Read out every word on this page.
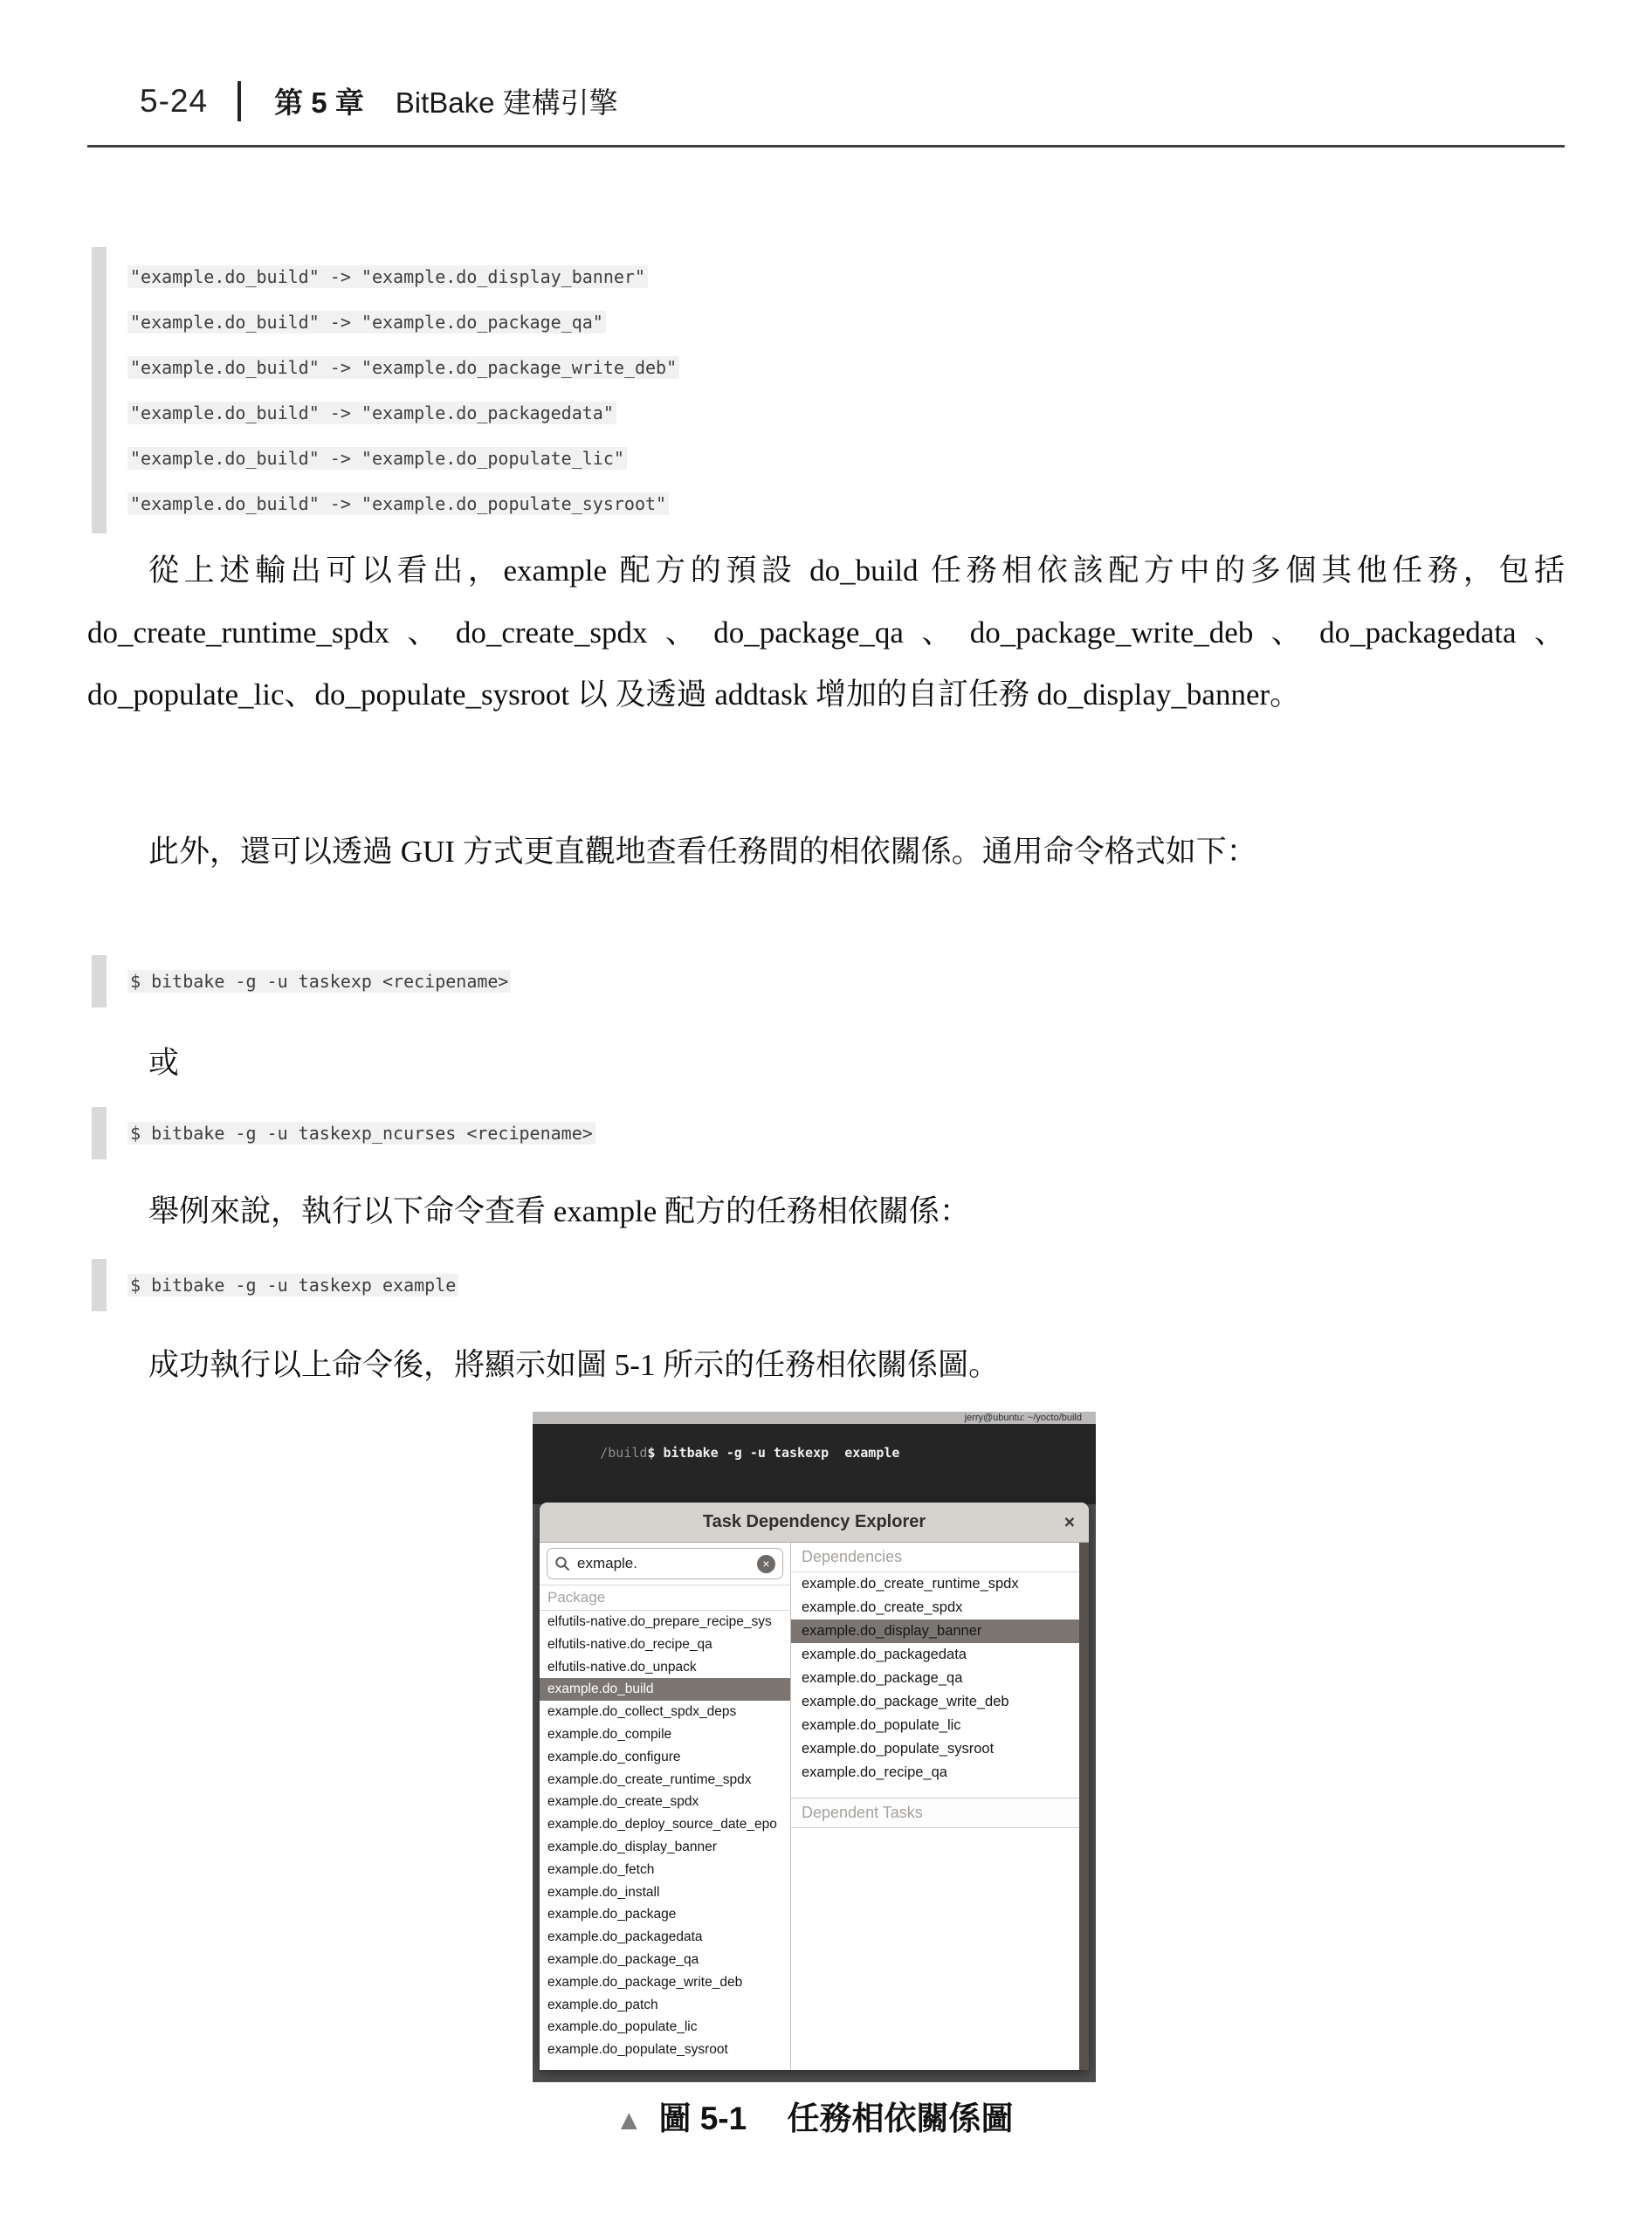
5-24 第 5 章 BitBake 建構引擎
"example.do_build" -> "example.do_display_banner"
"example.do_build" -> "example.do_package_qa"
"example.do_build" -> "example.do_package_write_deb"
"example.do_build" -> "example.do_packagedata"
"example.do_build" -> "example.do_populate_lic"
"example.do_build" -> "example.do_populate_sysroot"
從上述輸出可以看出，example 配方的預設 do_build 任務相依該配方中的多個其他任務，包括 do_create_runtime_spdx、do_create_spdx、do_package_qa、do_package_write_deb、do_packagedata、do_populate_lic、do_populate_sysroot 以 及透過 addtask 增加的自訂任務 do_display_banner。
此外，還可以透過 GUI 方式更直觀地查看任務間的相依關係。通用命令格式如下：
$ bitbake -g -u taskexp <recipename>
或
$ bitbake -g -u taskexp_ncurses <recipename>
舉例來說，執行以下命令查看 example 配方的任務相依關係：
$ bitbake -g -u taskexp example
成功執行以上命令後，將顯示如圖 5-1 所示的任務相依關係圖。
jerry@ubuntu: ~/yocto/build

/build$ bitbake -g -u taskexp  example

Task Dependency Explorer	×
exmaple.	×
Package
elfutils-native.do_prepare_recipe_sys
elfutils-native.do_recipe_qa
elfutils-native.do_unpack
example.do_build
example.do_collect_spdx_deps
example.do_compile
example.do_configure
example.do_create_runtime_spdx
example.do_create_spdx
example.do_deploy_source_date_epo
example.do_display_banner
example.do_fetch
example.do_install
example.do_package
example.do_packagedata
example.do_package_qa
example.do_package_write_deb
example.do_patch
example.do_populate_lic
example.do_populate_sysroot
Dependencies
example.do_create_runtime_spdx
example.do_create_spdx
example.do_display_banner
example.do_packagedata
example.do_package_qa
example.do_package_write_deb
example.do_populate_lic
example.do_populate_sysroot
example.do_recipe_qa
Dependent Tasks
▲ 圖 5-1 任務相依關係圖
